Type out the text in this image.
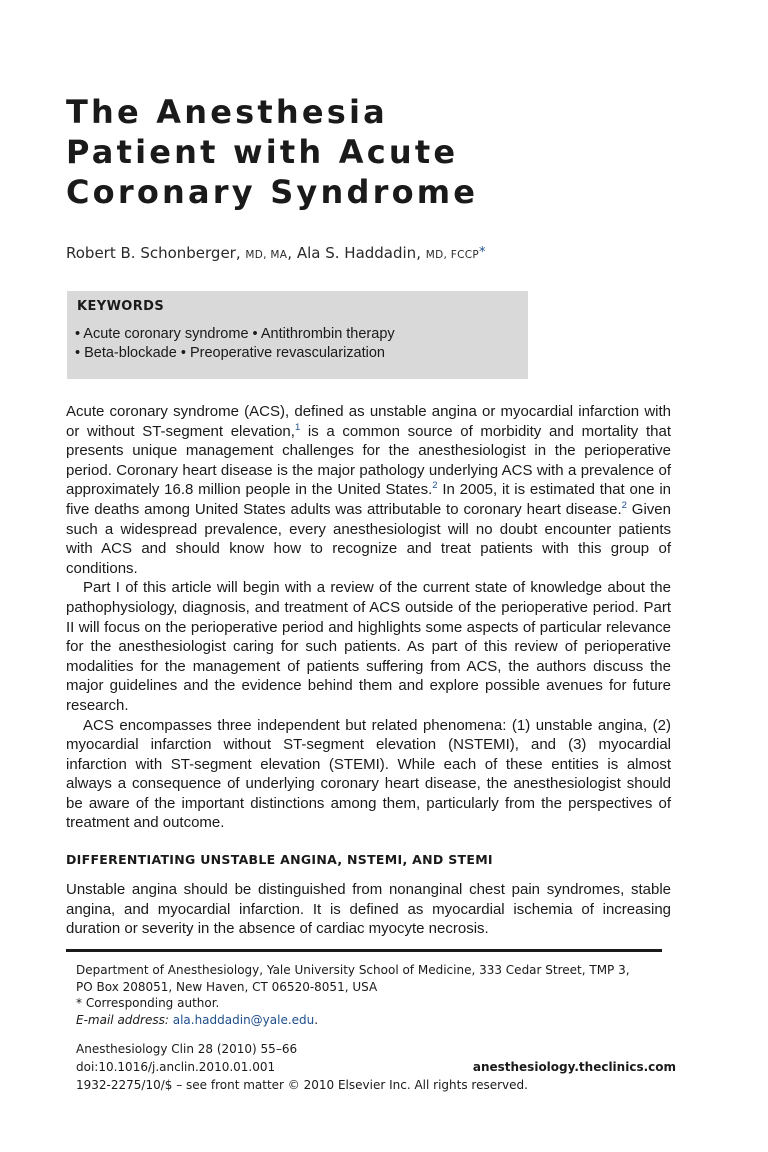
The Anesthesia
Patient with Acute
Coronary Syndrome
Robert B. Schonberger, MD, MA, Ala S. Haddadin, MD, FCCP*
KEYWORDS
• Acute coronary syndrome • Antithrombin therapy
• Beta-blockade • Preoperative revascularization

Acute coronary syndrome (ACS), defined as unstable angina or myocardial infarction with or without ST-segment elevation,$^1$ is a common source of morbidity and mortality that presents unique management challenges for the anesthesiologist in the perioperative period. Coronary heart disease is the major pathology underlying ACS with a prevalence of approximately 16.8 million people in the United States.$^2$ In 2005, it is estimated that one in five deaths among United States adults was attributable to coronary heart disease.$^2$ Given such a widespread prevalence, every anesthesiologist will no doubt encounter patients with ACS and should know how to recognize and treat patients with this group of conditions.

Part I of this article will begin with a review of the current state of knowledge about the pathophysiology, diagnosis, and treatment of ACS outside of the perioperative period. Part II will focus on the perioperative period and highlights some aspects of particular relevance for the anesthesiologist caring for such patients. As part of this review of perioperative modalities for the management of patients suffering from ACS, the authors discuss the major guidelines and the evidence behind them and explore possible avenues for future research.

ACS encompasses three independent but related phenomena: (1) unstable angina, (2) myocardial infarction without ST-segment elevation (NSTEMI), and (3) myocardial infarction with ST-segment elevation (STEMI). While each of these entities is almost always a consequence of underlying coronary heart disease, the anesthesiologist should be aware of the important distinctions among them, particularly from the perspectives of treatment and outcome.

DIFFERENTIATING UNSTABLE ANGINA, NSTEMI, AND STEMI

Unstable angina should be distinguished from nonanginal chest pain syndromes, stable angina, and myocardial infarction. It is defined as myocardial ischemia of increasing duration or severity in the absence of cardiac myocyte necrosis.

Department of Anesthesiology, Yale University School of Medicine, 333 Cedar Street, TMP 3,
PO Box 208051, New Haven, CT 06520-8051, USA
* Corresponding author.
E-mail address: ala.haddadin@yale.edu.
Anesthesiology Clin 28 (2010) 55–66
doi:10.1016/j.anclin.2010.01.001
1932-2275/10/$ – see front matter © 2010 Elsevier Inc. All rights reserved.
anesthesiology.theclinics.com
